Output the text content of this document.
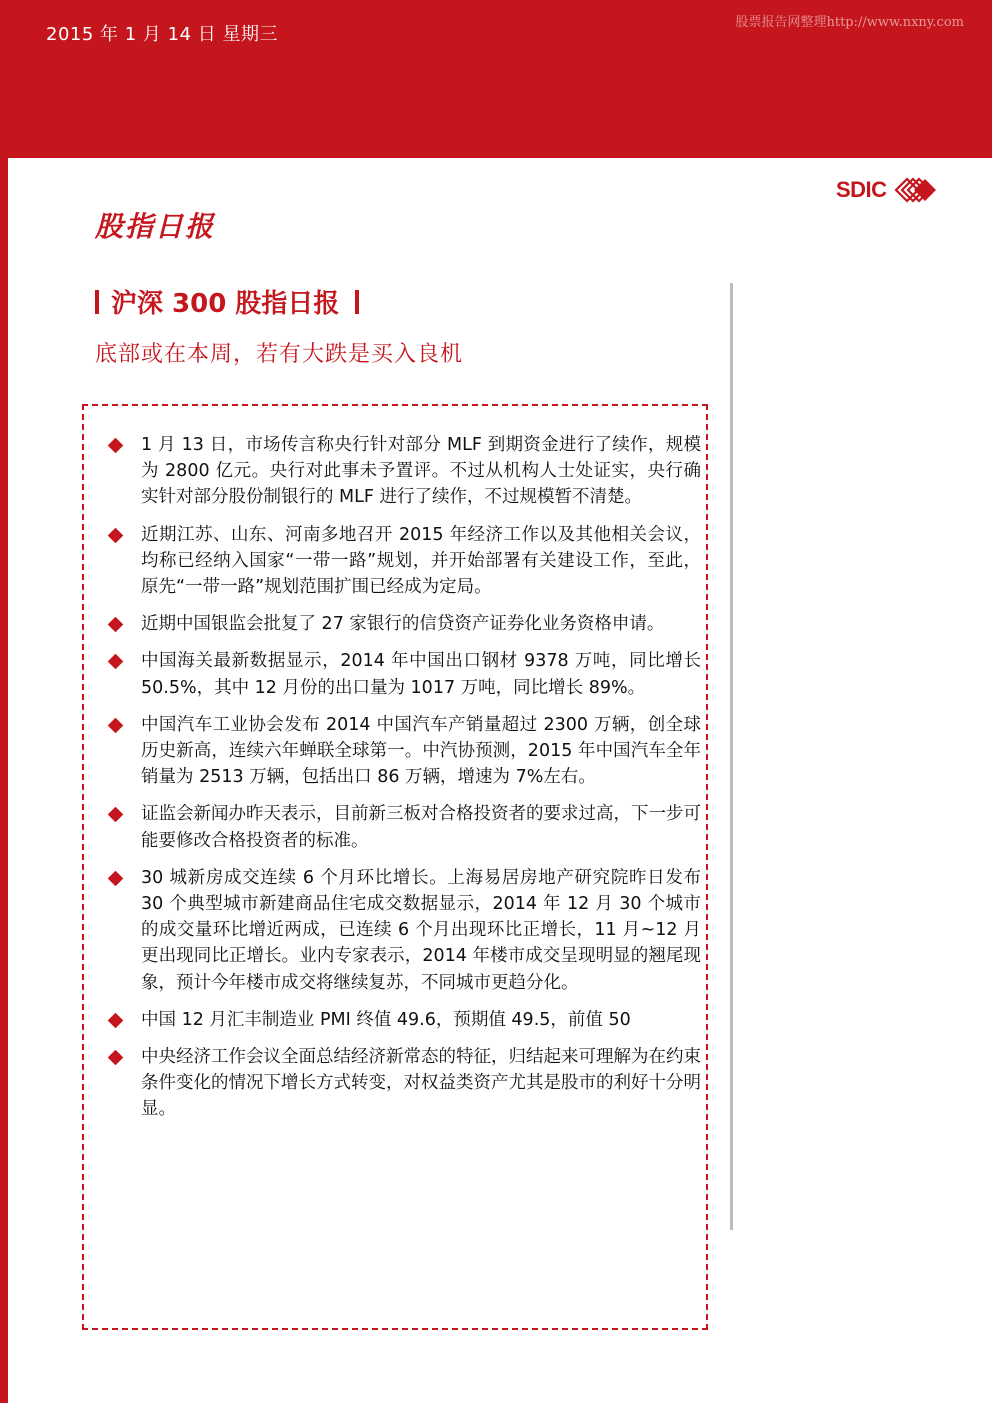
2015 年 1 月 14 日 星期三
股票报告网整理http://www.nxny.com
SDIC
股指日报
沪深 300 股指日报
底部或在本周，若有大跌是买入良机
1 月 13 日，市场传言称央行针对部分 MLF 到期资金进行了续作，规模为 2800 亿元。央行对此事未予置评。不过从机构人士处证实，央行确实针对部分股份制银行的 MLF 进行了续作，不过规模暂不清楚。
近期江苏、山东、河南多地召开 2015 年经济工作以及其他相关会议，均称已经纳入国家“一带一路”规划，并开始部署有关建设工作，至此，原先“一带一路”规划范围扩围已经成为定局。
近期中国银监会批复了 27 家银行的信贷资产证券化业务资格申请。
中国海关最新数据显示，2014 年中国出口钢材 9378 万吨，同比增长 50.5%，其中 12 月份的出口量为 1017 万吨，同比增长 89%。
中国汽车工业协会发布 2014 中国汽车产销量超过 2300 万辆，创全球历史新高，连续六年蝉联全球第一。中汽协预测，2015 年中国汽车全年销量为 2513 万辆，包括出口 86 万辆，增速为 7%左右。
证监会新闻办昨天表示，目前新三板对合格投资者的要求过高，下一步可能要修改合格投资者的标准。
30 城新房成交连续 6 个月环比增长。上海易居房地产研究院昨日发布 30 个典型城市新建商品住宅成交数据显示，2014 年 12 月 30 个城市的成交量环比增近两成，已连续 6 个月出现环比正增长，11 月~12 月更出现同比正增长。业内专家表示，2014 年楼市成交呈现明显的翘尾现象，预计今年楼市成交将继续复苏，不同城市更趋分化。
中国 12 月汇丰制造业 PMI 终值 49.6，预期值 49.5，前值 50
中央经济工作会议全面总结经济新常态的特征，归结起来可理解为在约束条件变化的情况下增长方式转变，对权益类资产尤其是股市的利好十分明显。
